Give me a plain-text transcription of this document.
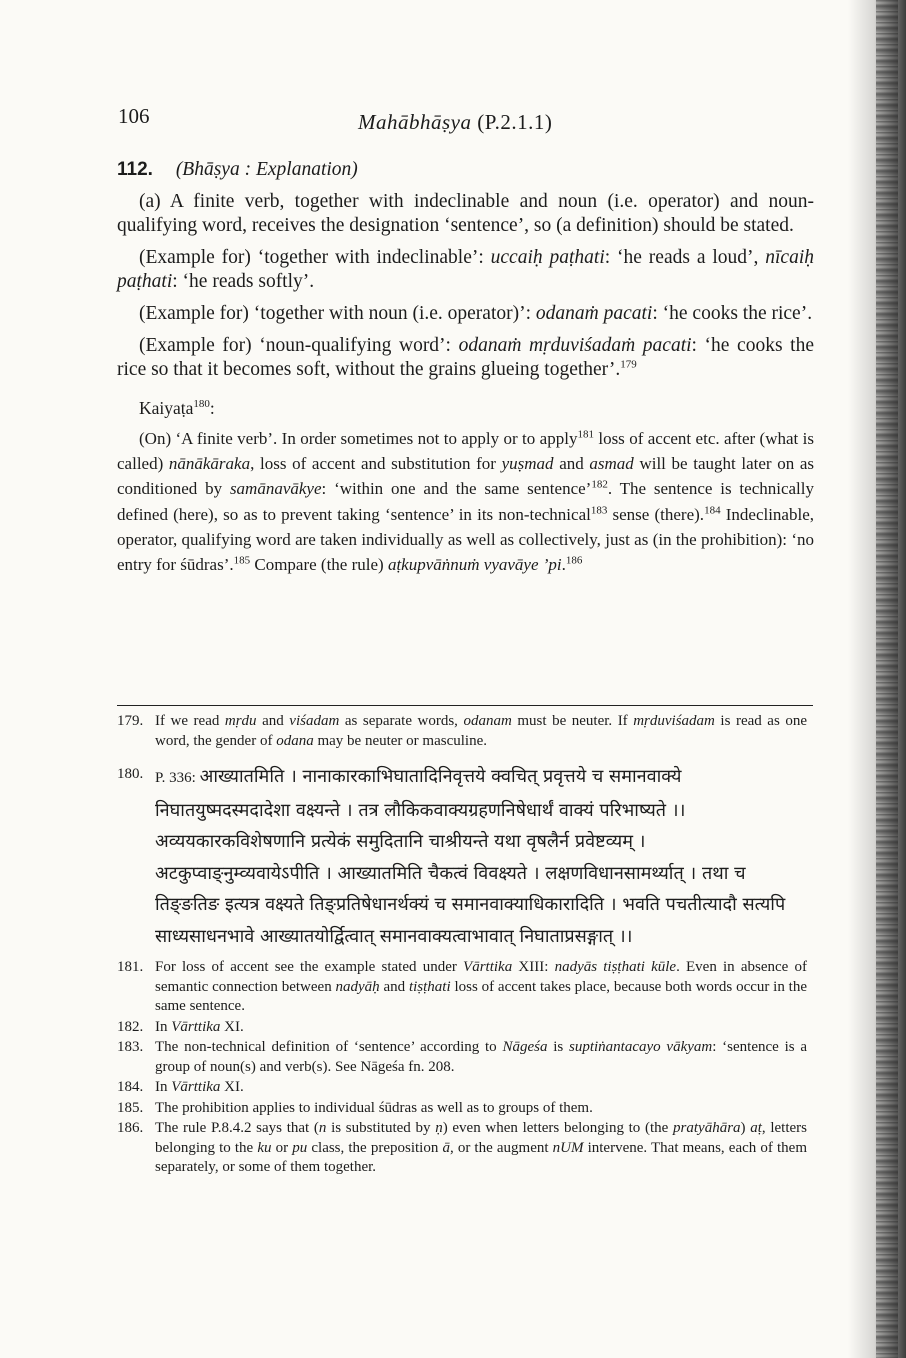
106	Mahābhāṣya (P.2.1.1)
112. (Bhāṣya : Explanation)

(a) A finite verb, together with indeclinable and noun (i.e. operator) and noun-qualifying word, receives the designation ‘sentence’, so (a definition) should be stated.

(Example for) ‘together with indeclinable’: uccaiḥ paṭhati: ‘he reads a loud’, nīcaiḥ paṭhati: ‘he reads softly’.

(Example for) ‘together with noun (i.e. operator)’: odanaṁ pacati: ‘he cooks the rice’.

(Example for) ‘noun-qualifying word’: odanaṁ mṛduviśadaṁ pacati: ‘he cooks the rice so that it becomes soft, without the grains glueing together’.$^{179}$

Kaiyaṭa$^{180}$:

(On) ‘A finite verb’. In order sometimes not to apply or to apply$^{181}$ loss of accent etc. after (what is called) nānākāraka, loss of accent and substitution for yuṣmad and asmad will be taught later on as conditioned by samānavākye: ‘within one and the same sentence’$^{182}$. The sentence is technically defined (here), so as to prevent taking ‘sentence’ in its non-technical$^{183}$ sense (there).$^{184}$ Indeclinable, operator, qualifying word are taken individually as well as collectively, just as (in the prohibition): ‘no entry for śūdras’.$^{185}$ Compare (the rule) aṭkupvāṅnuṁ vyavāye ’pi.$^{186}$

179. If we read mṛdu and viśadam as separate words, odanam must be neuter. If mṛduviśadam is read as one word, the gender of odana may be neuter or masculine.
180. P. 336: आख्यातमिति । नानाकारकाभिघातादिनिवृत्तये क्वचित् प्रवृत्तये च समानवाक्ये निघातयुष्मदस्मदादेशा वक्ष्यन्ते । तत्र लौकिकवाक्यग्रहणनिषेधार्थं वाक्यं परिभाष्यते ।। अव्ययकारकविशेषणानि प्रत्येकं समुदितानि चाश्रीयन्ते यथा वृषलैर्न प्रवेष्टव्यम् । अटकुप्वाङ्नुम्व्यवायेऽपीति । आख्यातमिति चैकत्वं विवक्ष्यते । लक्षणविधानसामर्थ्यात् । तथा च तिङ्ङतिङ इत्यत्र वक्ष्यते तिङ्प्रतिषेधानर्थक्यं च समानवाक्याधिकारादिति । भवति पचतीत्यादौ सत्यपि साध्यसाधनभावे आख्यातयोर्द्वित्वात् समानवाक्यत्वाभावात् निघाताप्रसङ्गात् ।।
181. For loss of accent see the example stated under Vārttika XIII: nadyās tiṣṭhati kūle. Even in absence of semantic connection between nadyāḥ and tiṣṭhati loss of accent takes place, because both words occur in the same sentence.
182. In Vārttika XI.
183. The non-technical definition of ‘sentence’ according to Nāgeśa is suptiṅantacayo vākyam: ‘sentence is a group of noun(s) and verb(s). See Nāgeśa fn. 208.
184. In Vārttika XI.
185. The prohibition applies to individual śūdras as well as to groups of them.
186. The rule P.8.4.2 says that (n is substituted by ṇ) even when letters belonging to (the pratyāhāra) aṭ, letters belonging to the ku or pu class, the preposition ā, or the augment nUM intervene. That means, each of them separately, or some of them together.
